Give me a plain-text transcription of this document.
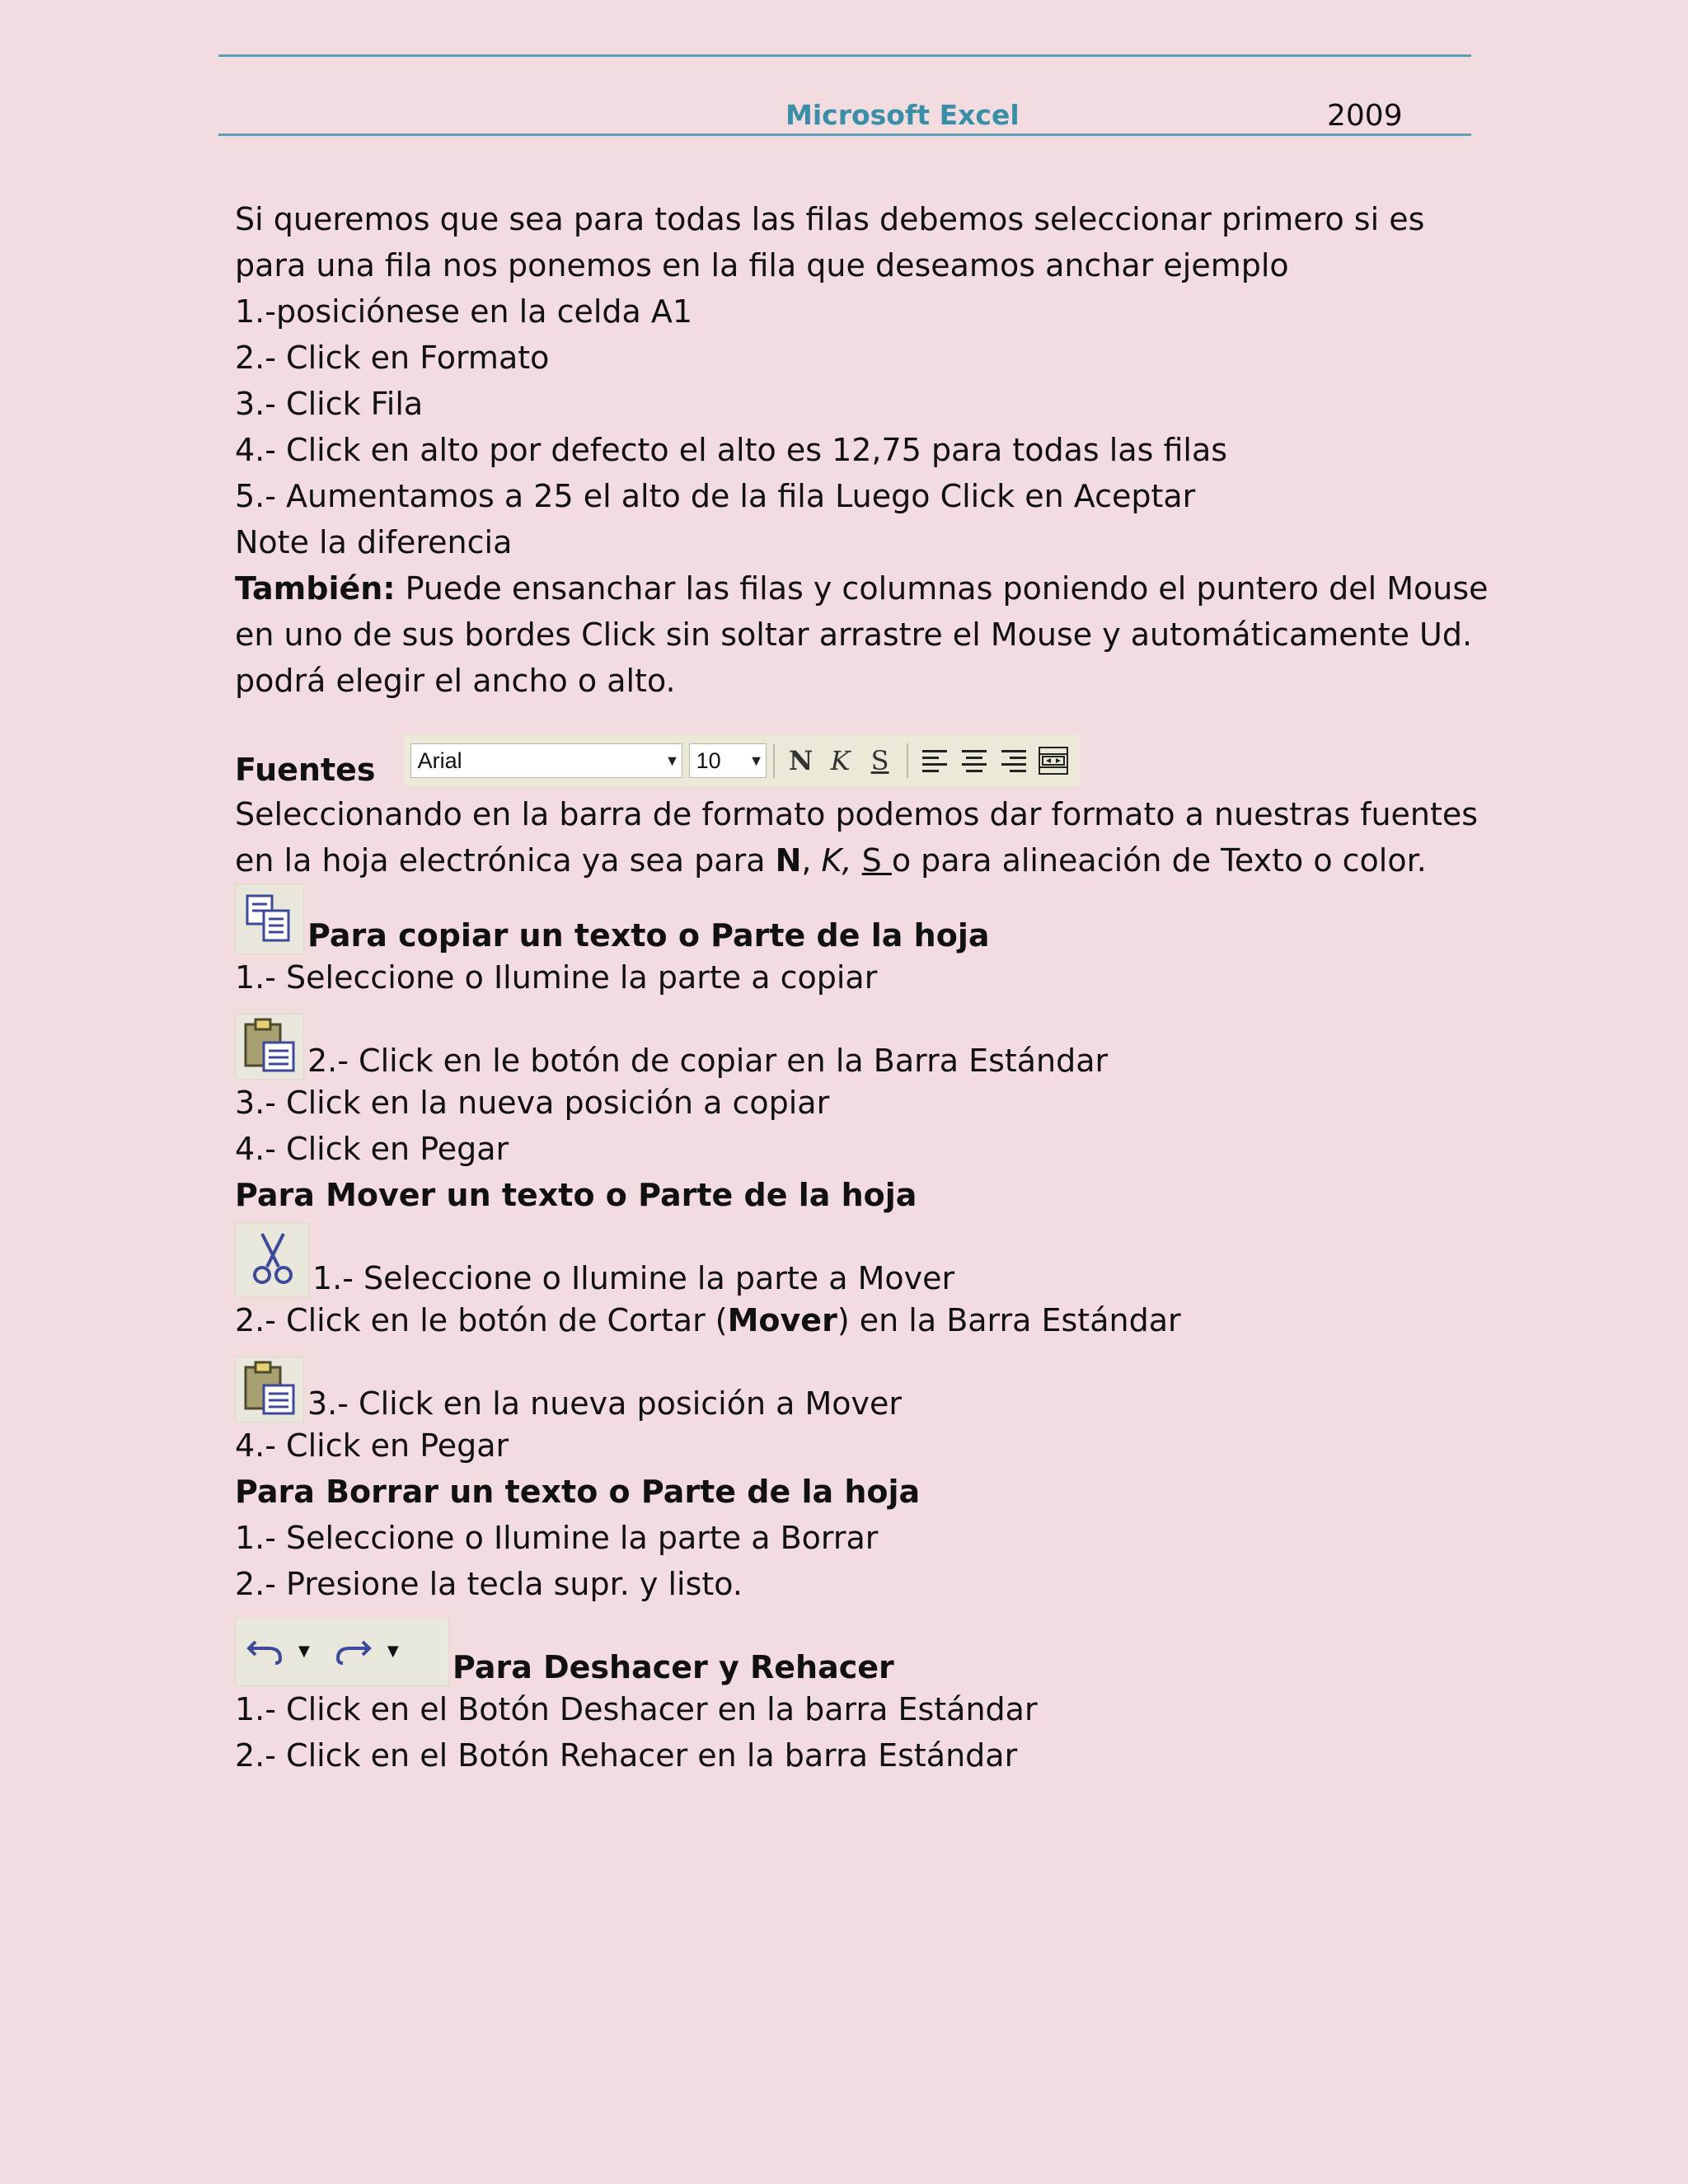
Microsoft Excel	2009
Si queremos que sea para todas las filas debemos seleccionar primero si es
para una fila nos ponemos en la fila que deseamos anchar ejemplo
1.-posiciónese en la celda A1
2.- Click en Formato
3.- Click Fila
4.- Click en alto por defecto el alto es 12,75 para todas las filas
5.- Aumentamos a 25 el alto de la fila Luego Click en Aceptar
Note la diferencia
También: Puede ensanchar las filas y columnas poniendo el puntero del Mouse
en uno de sus bordes Click sin soltar arrastre el Mouse y automáticamente Ud.
podrá elegir el ancho o alto.
Fuentes Arial	▼ 10	▼ N K S
Seleccionando en la barra de formato podemos dar formato a nuestras fuentes
en la hoja electrónica ya sea para N, K, S o para alineación de Texto o color.
Para copiar un texto o Parte de la hoja
1.- Seleccione o Ilumine la parte a copiar
2.- Click en le botón de copiar en la Barra Estándar
3.- Click en la nueva posición a copiar
4.- Click en Pegar
Para Mover un texto o Parte de la hoja
1.- Seleccione o Ilumine la parte a Mover
2.- Click en le botón de Cortar (Mover) en la Barra Estándar
3.- Click en la nueva posición a Mover
4.- Click en Pegar
Para Borrar un texto o Parte de la hoja
1.- Seleccione o Ilumine la parte a Borrar
2.- Presione la tecla supr. y listo.
▼	▼ Para Deshacer y Rehacer
1.- Click en el Botón Deshacer en la barra Estándar
2.- Click en el Botón Rehacer en la barra Estándar
